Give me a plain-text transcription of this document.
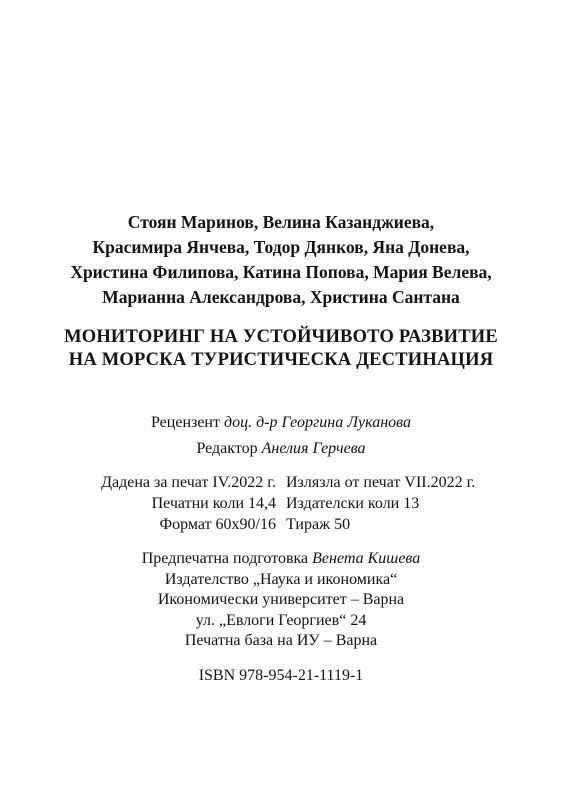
Стоян Маринов, Велина Казанджиева,
Красимира Янчева, Тодор Дянков, Яна Донева,
Христина Филипова, Катина Попова, Мария Велева,
Марианна Александрова, Христина Сантана
МОНИТОРИНГ НА УСТОЙЧИВОТО РАЗВИТИЕ
НА МОРСКА ТУРИСТИЧЕСКА ДЕСТИНАЦИЯ
Рецензент доц. д-р Георгина Луканова
Редактор Анелия Герчева
Дадена за печат IV.2022 г. Излязла от печат VII.2022 г.
Печатни коли 14,4 Издателски коли 13
Формат 60x90/16 Тираж 50
Предпечатна подготовка Венета Кишева
Издателство „Наука и икономика“
Икономически университет – Варна
ул. „Евлоги Георгиев“ 24
Печатна база на ИУ – Варна
ISBN 978-954-21-1119-1
